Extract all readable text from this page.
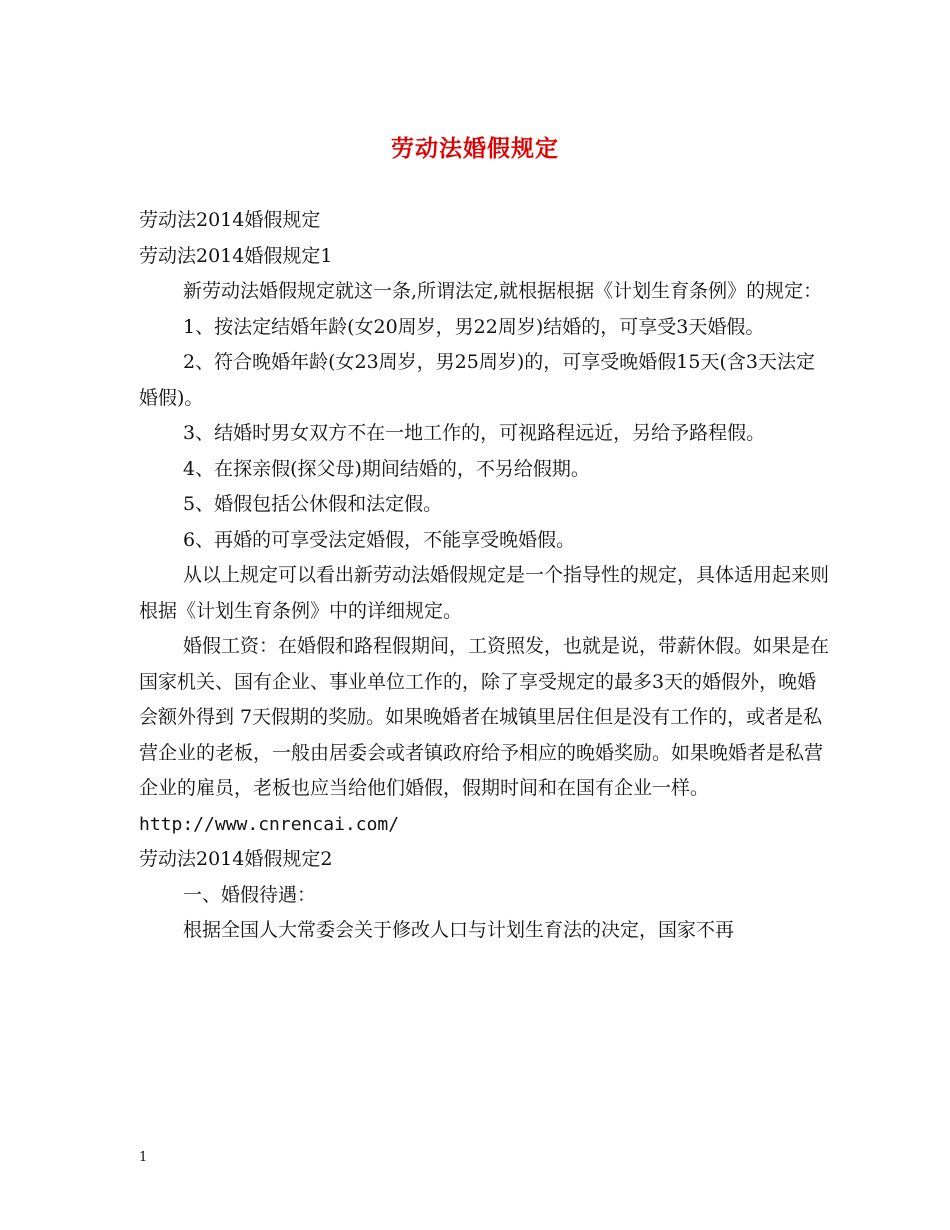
劳动法婚假规定

劳动法2014婚假规定

劳动法2014婚假规定1

新劳动法婚假规定就这一条,所谓法定,就根据根据《计划生育条例》的规定：

1、按法定结婚年龄(女20周岁，男22周岁)结婚的，可享受3天婚假。

2、符合晚婚年龄(女23周岁，男25周岁)的，可享受晚婚假15天(含3天法定婚假)。

3、结婚时男女双方不在一地工作的，可视路程远近，另给予路程假。

4、在探亲假(探父母)期间结婚的，不另给假期。

5、婚假包括公休假和法定假。

6、再婚的可享受法定婚假，不能享受晚婚假。

从以上规定可以看出新劳动法婚假规定是一个指导性的规定，具体适用起来则根据《计划生育条例》中的详细规定。

婚假工资：在婚假和路程假期间，工资照发，也就是说，带薪休假。如果是在国家机关、国有企业、事业单位工作的，除了享受规定的最多3天的婚假外，晚婚会额外得到 7天假期的奖励。如果晚婚者在城镇里居住但是没有工作的，或者是私营企业的老板，一般由居委会或者镇政府给予相应的晚婚奖励。如果晚婚者是私营企业的雇员，老板也应当给他们婚假，假期时间和在国有企业一样。

http://www.cnrencai.com/

劳动法2014婚假规定2

一、婚假待遇：

根据全国人大常委会关于修改人口与计划生育法的决定，国家不再

1
